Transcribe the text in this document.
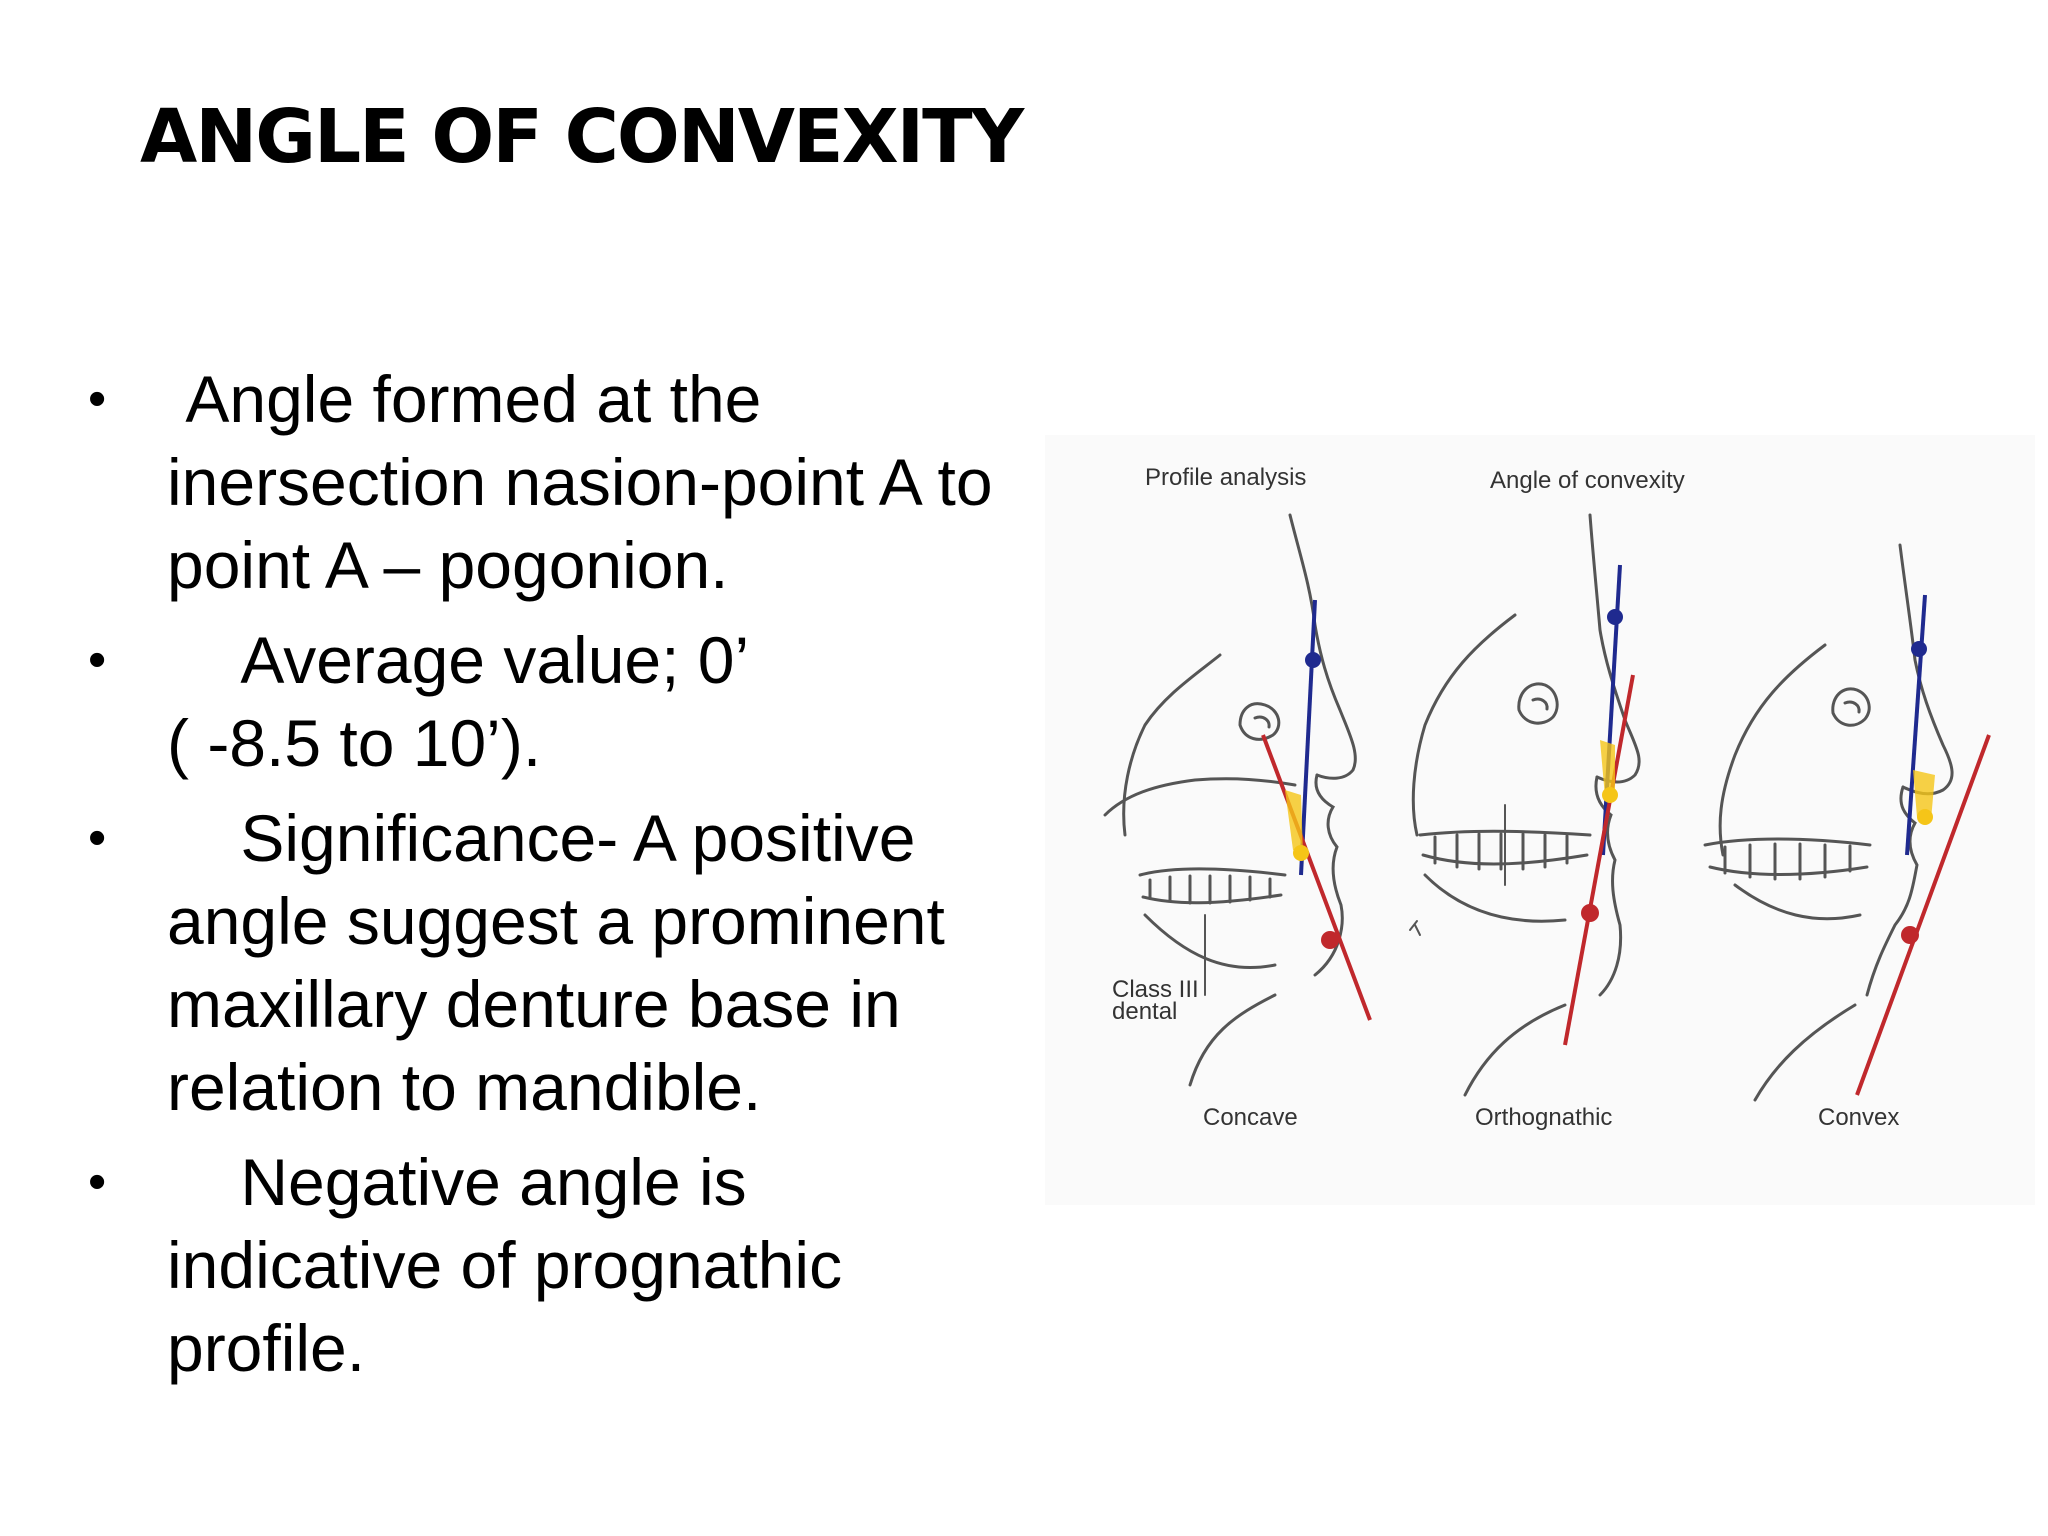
ANGLE OF CONVEXITY
•  Angle formed at the inersection nasion-point A to point A – pogonion.
•     Average value; 0’
( -8.5 to 10’).
•     Significance- A positive angle suggest a prominent maxillary denture base in relation to mandible.
•     Negative angle is indicative of prognathic profile.
Profile analysis	Angle of convexity
Class III
dental
Concave	Orthognathic	Convex
